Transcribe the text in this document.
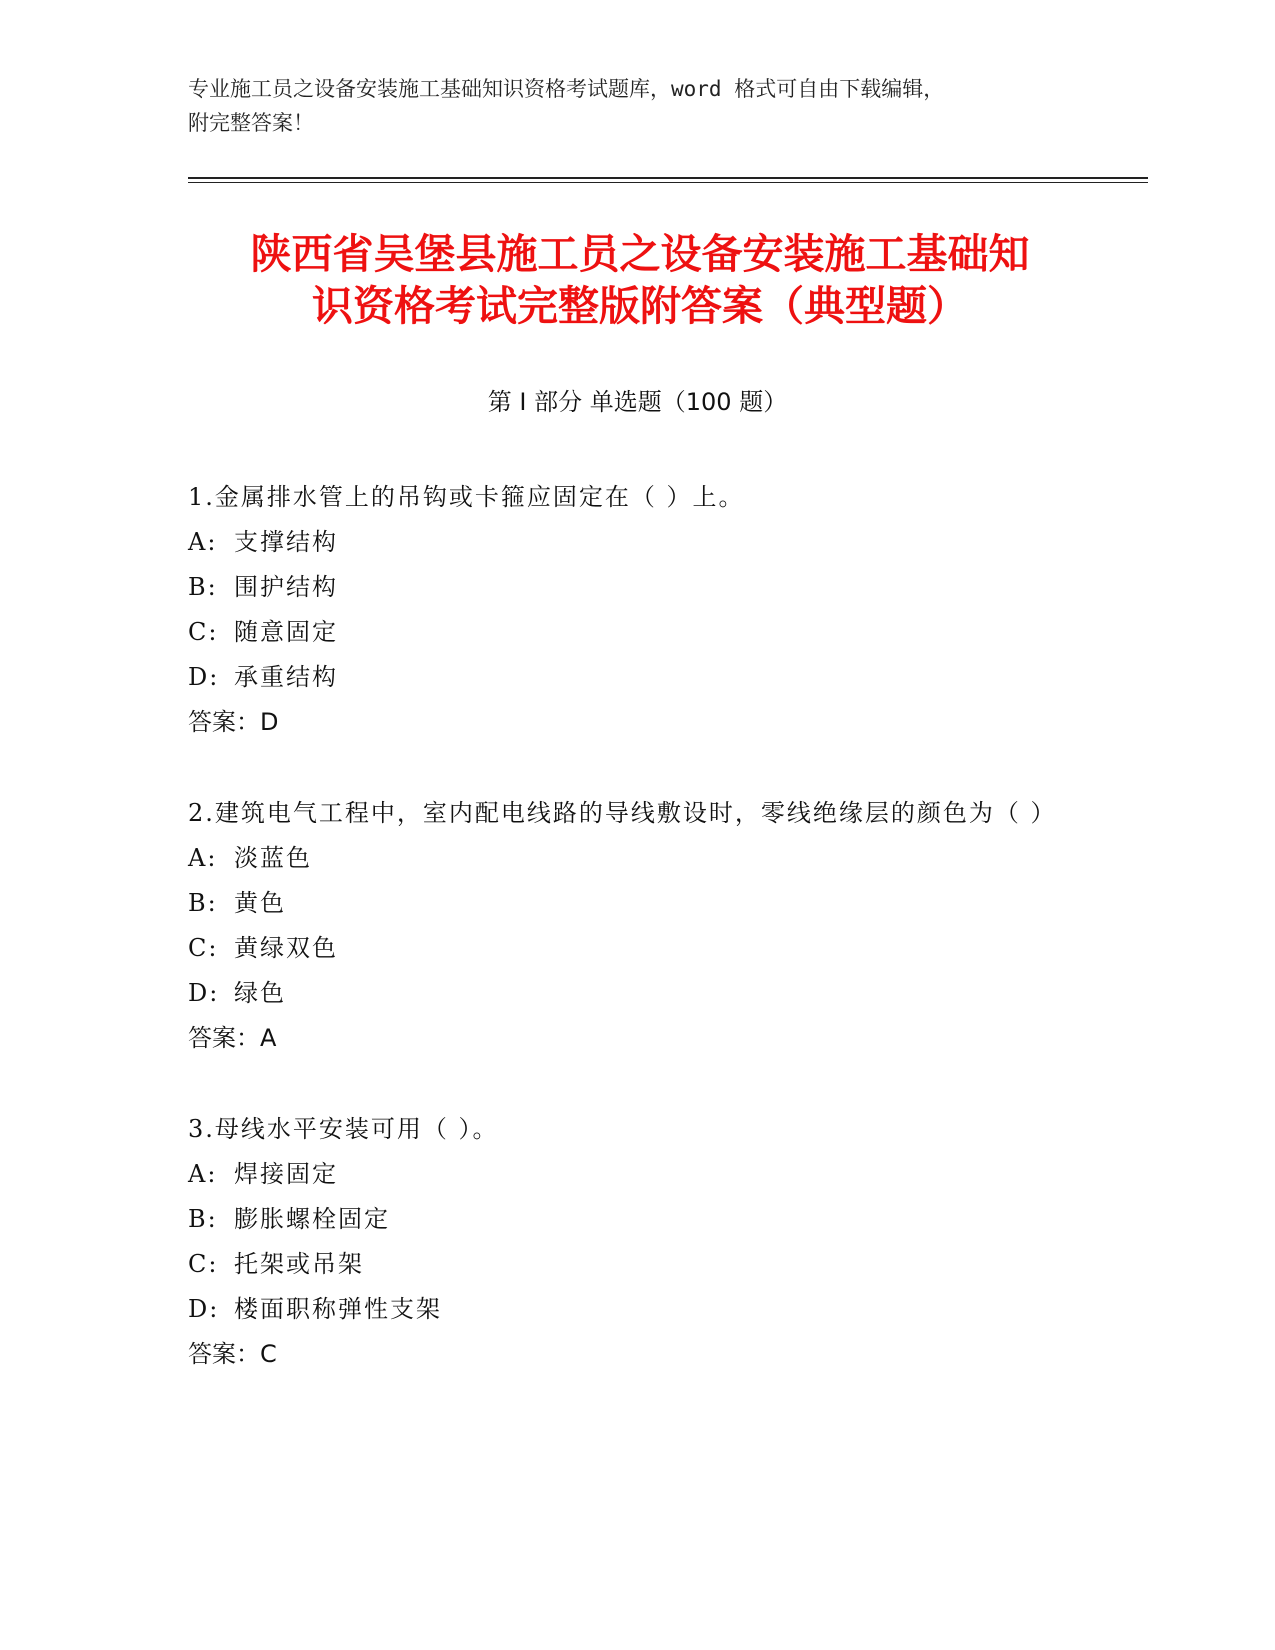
专业施工员之设备安装施工基础知识资格考试题库，word 格式可自由下载编辑，
附完整答案！
陕西省吴堡县施工员之设备安装施工基础知
识资格考试完整版附答案（典型题）
第 I 部分 单选题（100 题）
1.金属排水管上的吊钩或卡箍应固定在（ ）上。
A: 支撑结构
B: 围护结构
C: 随意固定
D: 承重结构
答案：D
2.建筑电气工程中，室内配电线路的导线敷设时，零线绝缘层的颜色为（ ）
A: 淡蓝色
B: 黄色
C: 黄绿双色
D: 绿色
答案：A
3.母线水平安装可用（ ）。
A: 焊接固定
B: 膨胀螺栓固定
C: 托架或吊架
D: 楼面职称弹性支架
答案：C
